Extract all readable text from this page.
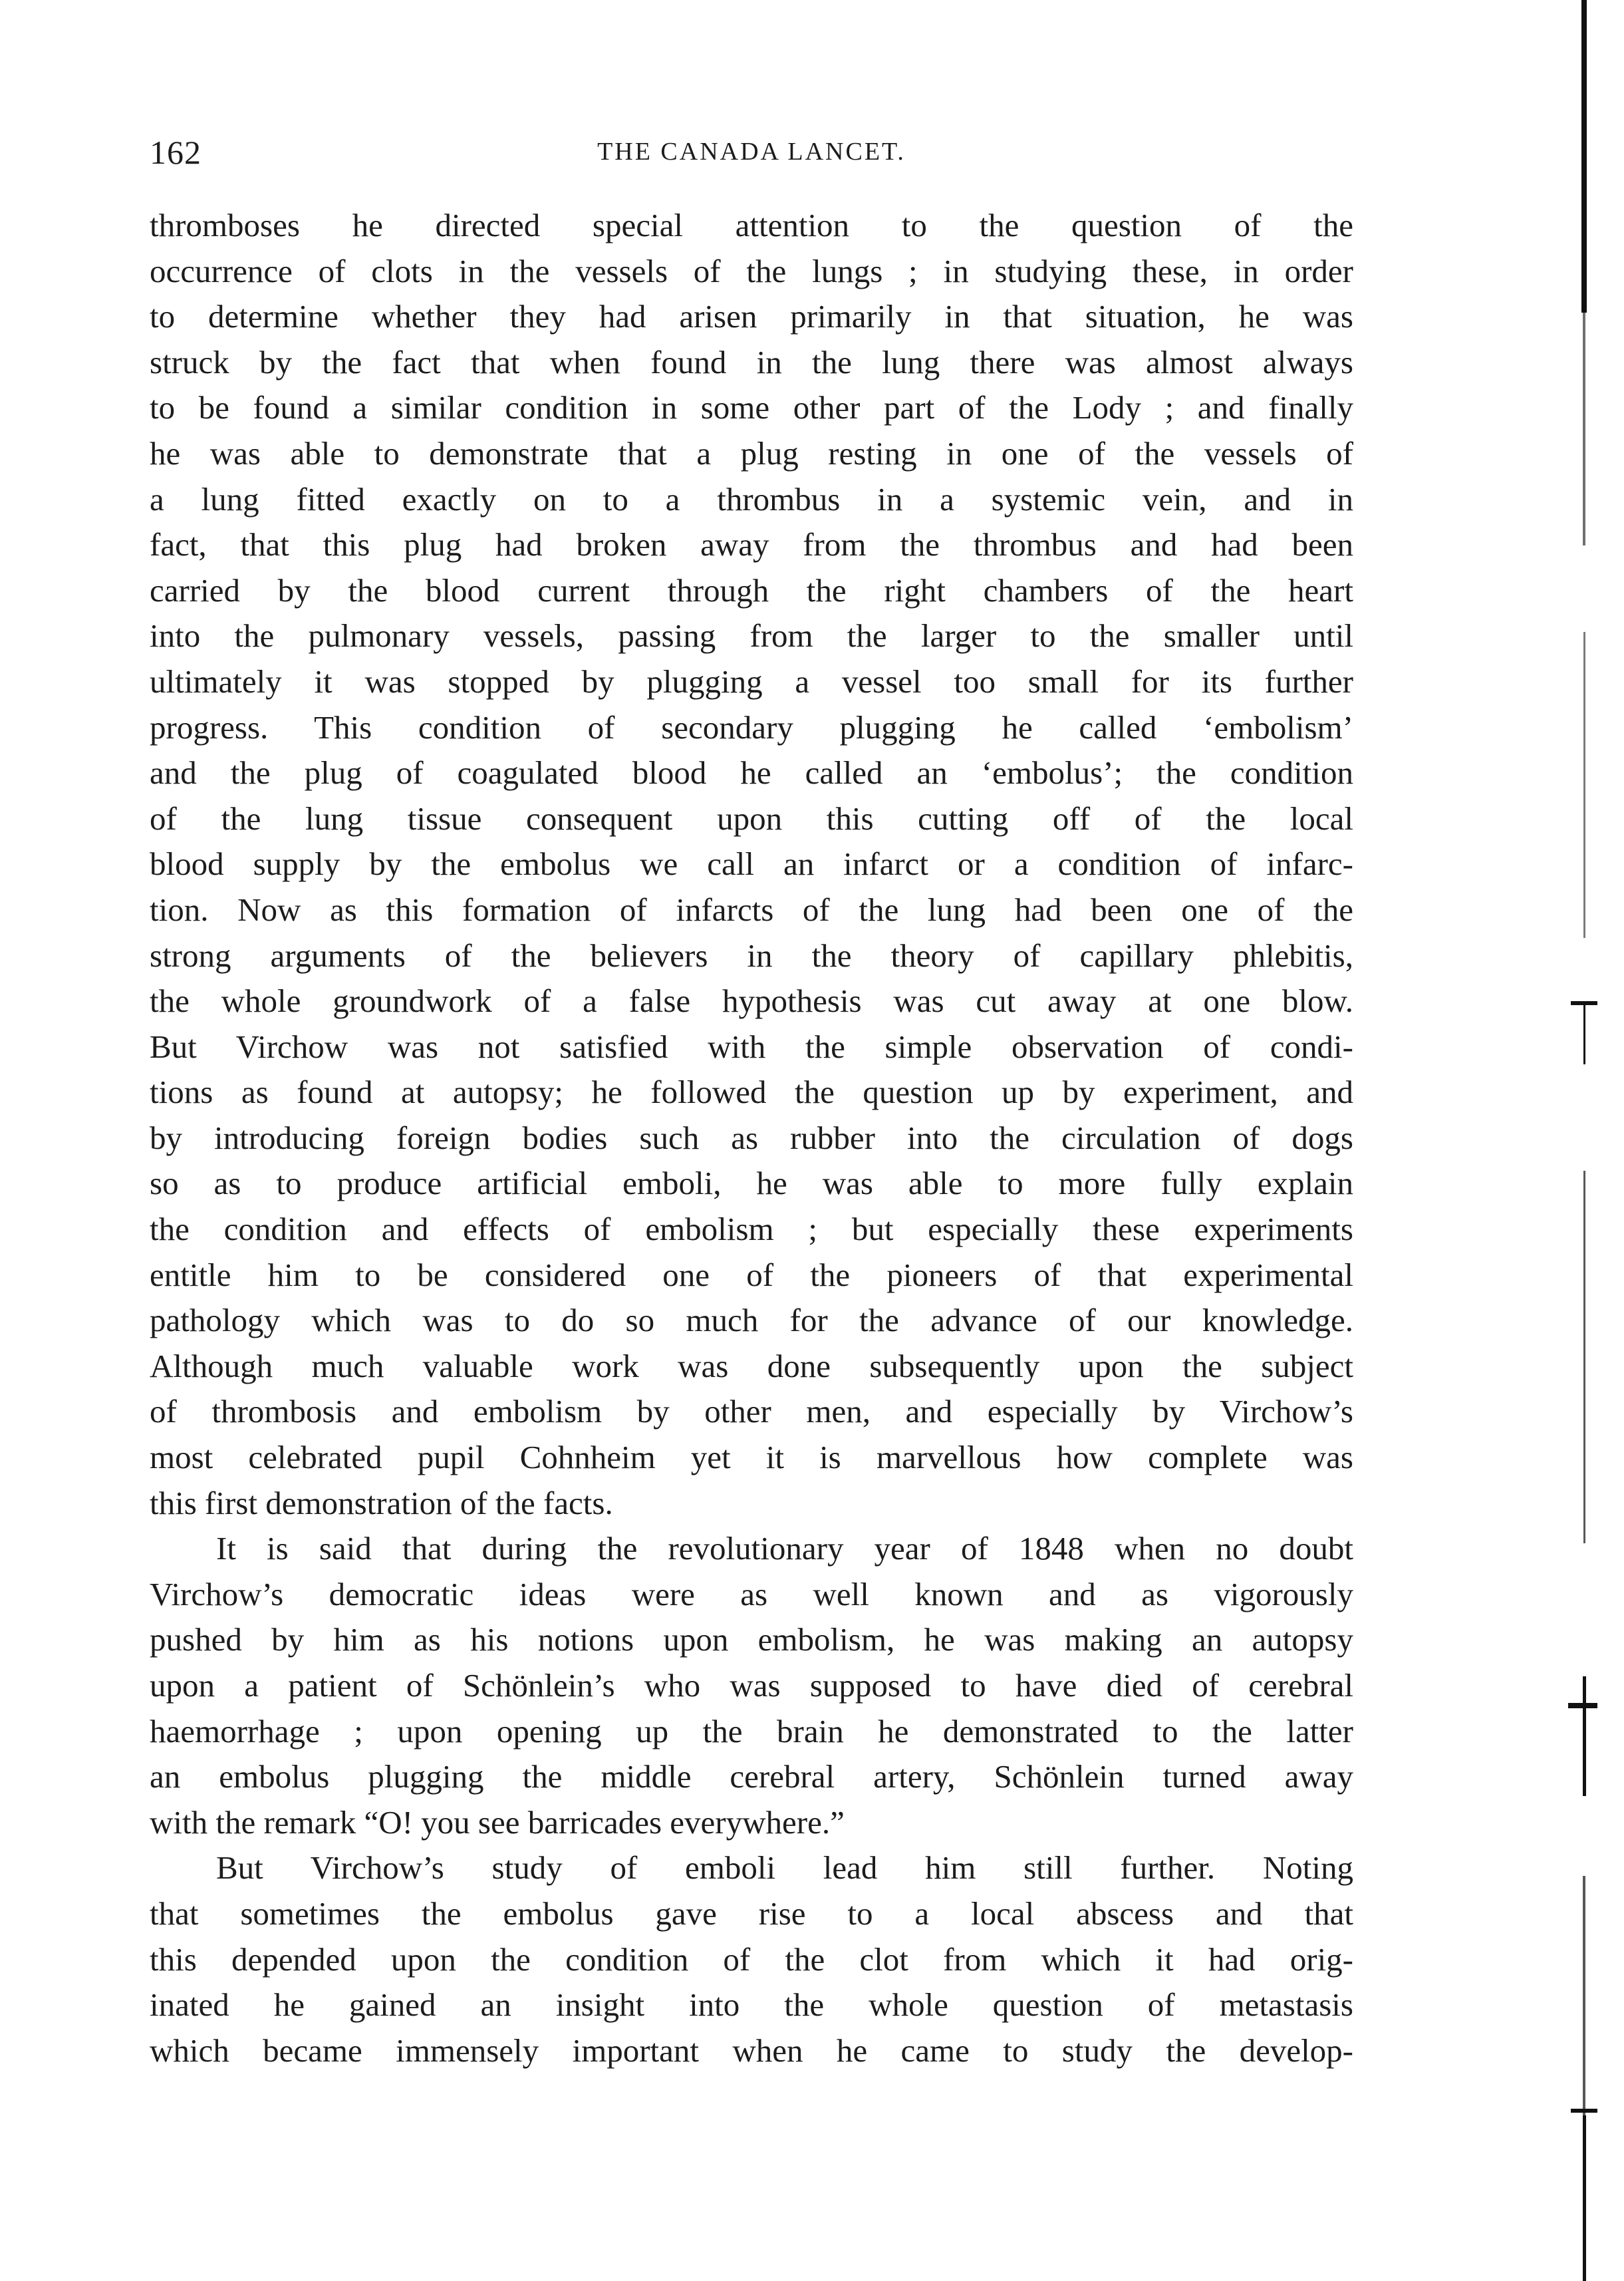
162	THE CANADA LANCET.
thromboses he directed special attention to the question of the
occurrence of clots in the vessels of the lungs ; in studying these, in order
to determine whether they had arisen primarily in that situation, he was
struck by the fact that when found in the lung there was almost always
to be found a similar condition in some other part of the Lody ; and finally
he was able to demonstrate that a plug resting in one of the vessels of
a lung fitted exactly on to a thrombus in a systemic vein, and in
fact, that this plug had broken away from the thrombus and had been
carried by the blood current through the right chambers of the heart
into the pulmonary vessels, passing from the larger to the smaller until
ultimately it was stopped by plugging a vessel too small for its further
progress. This condition of secondary plugging he called ‘embolism’
and the plug of coagulated blood he called an ‘embolus’; the condition
of the lung tissue consequent upon this cutting off of the local
blood supply by the embolus we call an infarct or a condition of infarc-
tion. Now as this formation of infarcts of the lung had been one of the
strong arguments of the believers in the theory of capillary phlebitis,
the whole groundwork of a false hypothesis was cut away at one blow.
But Virchow was not satisfied with the simple observation of condi-
tions as found at autopsy; he followed the question up by experiment, and
by introducing foreign bodies such as rubber into the circulation of dogs
so as to produce artificial emboli, he was able to more fully explain
the condition and effects of embolism ; but especially these experiments
entitle him to be considered one of the pioneers of that experimental
pathology which was to do so much for the advance of our knowledge.
Although much valuable work was done subsequently upon the subject
of thrombosis and embolism by other men, and especially by Virchow’s
most celebrated pupil Cohnheim yet it is marvellous how complete was
this first demonstration of the facts.
It is said that during the revolutionary year of 1848 when no doubt
Virchow’s democratic ideas were as well known and as vigorously
pushed by him as his notions upon embolism, he was making an autopsy
upon a patient of Schönlein’s who was supposed to have died of cerebral
haemorrhage ; upon opening up the brain he demonstrated to the latter
an embolus plugging the middle cerebral artery, Schönlein turned away
with the remark “O! you see barricades everywhere.”
But Virchow’s study of emboli lead him still further. Noting
that sometimes the embolus gave rise to a local abscess and that
this depended upon the condition of the clot from which it had orig-
inated he gained an insight into the whole question of metastasis
which became immensely important when he came to study the develop-
